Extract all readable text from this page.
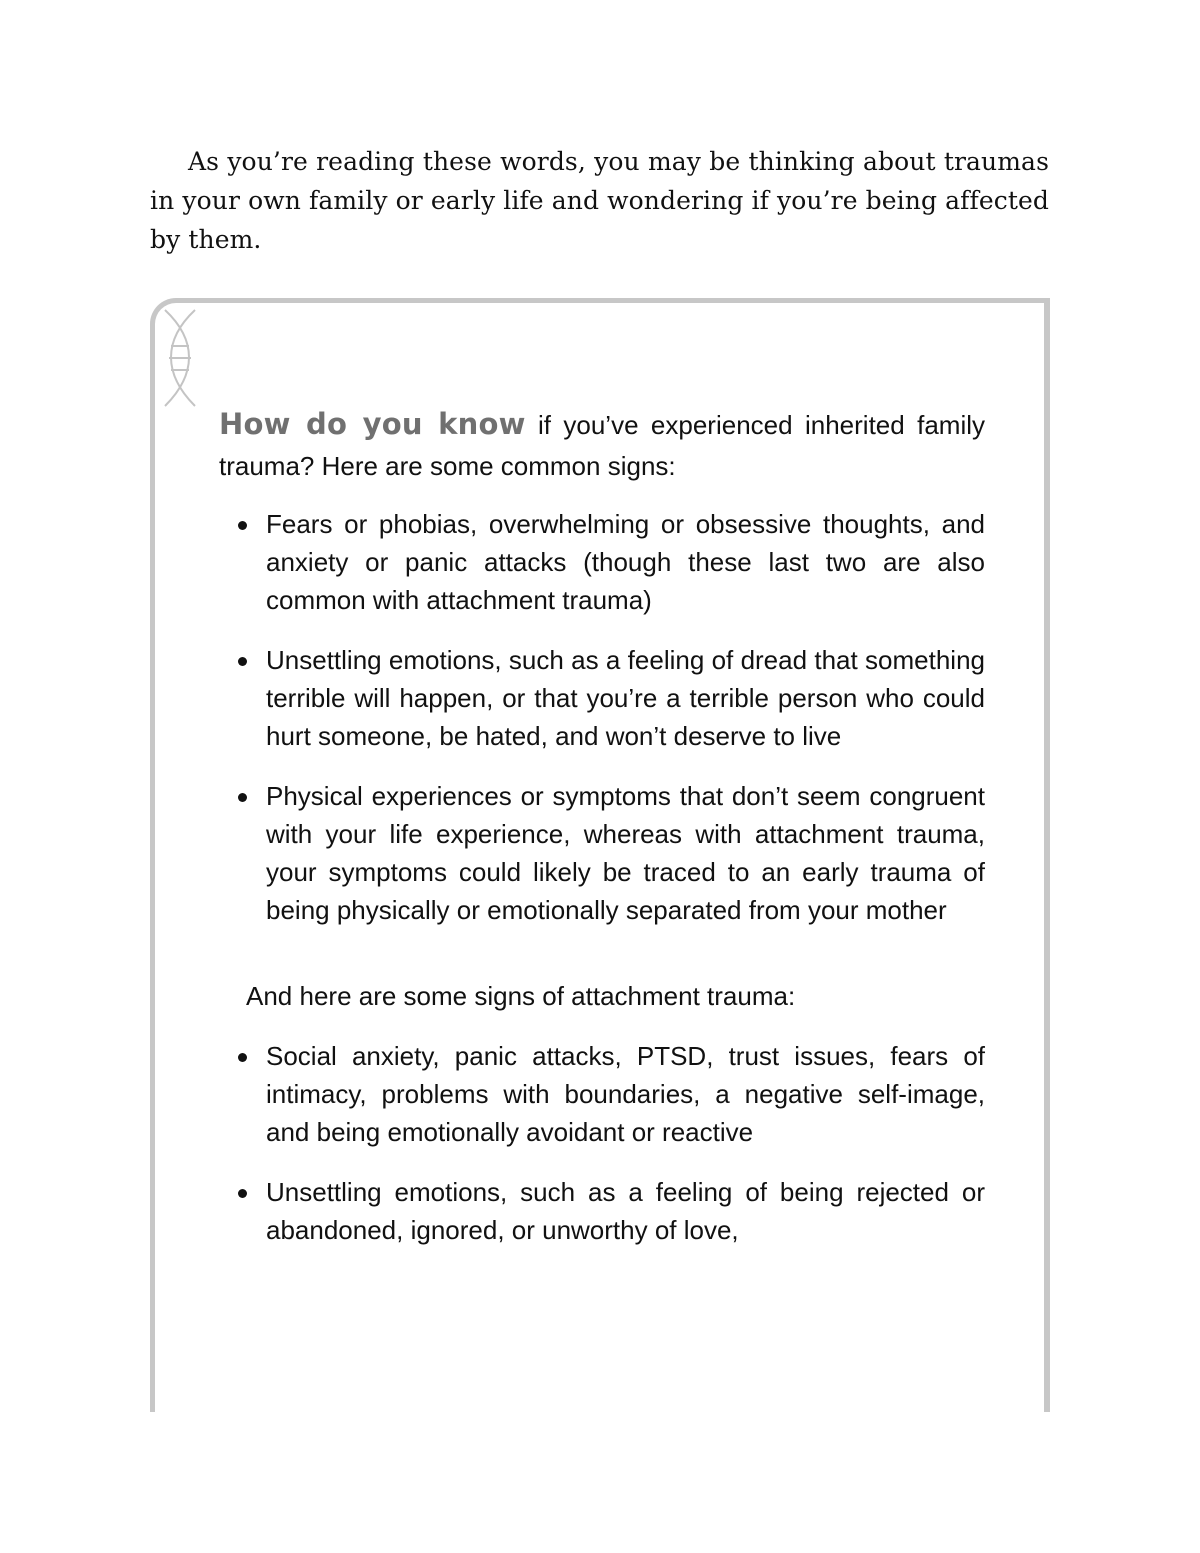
As you’re reading these words, you may be thinking about traumas in your own family or early life and wondering if you’re being affected by them.

How do you know if you’ve experienced inherited family trauma? Here are some common signs:

Fears or phobias, overwhelming or obsessive thoughts, and anxiety or panic attacks (though these last two are also common with attachment trauma)
Unsettling emotions, such as a feeling of dread that something terrible will happen, or that you’re a terrible person who could hurt someone, be hated, and won’t deserve to live
Physical experiences or symptoms that don’t seem congruent with your life experience, whereas with attachment trauma, your symptoms could likely be traced to an early trauma of being physically or emotionally separated from your mother

And here are some signs of attachment trauma:

Social anxiety, panic attacks, PTSD, trust issues, fears of intimacy, problems with boundaries, a negative self-image, and being emotionally avoidant or reactive
Unsettling emotions, such as a feeling of being rejected or abandoned, ignored, or unworthy of love,
